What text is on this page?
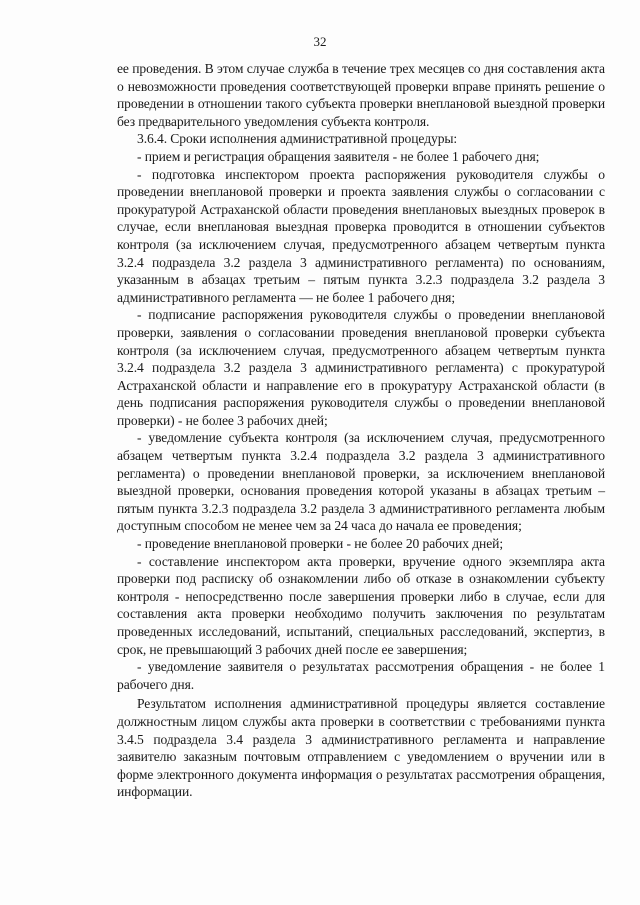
32

ее проведения. В этом случае служба в течение трех месяцев со дня составления акта о невозможности проведения соответствующей проверки вправе принять решение о проведении в отношении такого субъекта проверки внеплановой выездной проверки без предварительного уведомления субъекта контроля.

3.6.4. Сроки исполнения административной процедуры:

- прием и регистрация обращения заявителя - не более 1 рабочего дня;

- подготовка инспектором проекта распоряжения руководителя службы о проведении внеплановой проверки и проекта заявления службы о согласовании с прокуратурой Астраханской области проведения внеплановых выездных проверок в случае, если внеплановая выездная проверка проводится в отношении субъектов контроля (за исключением случая, предусмотренного абзацем четвертым пункта 3.2.4 подраздела 3.2 раздела 3 административного регламента) по основаниям, указанным в абзацах третьим – пятым пункта 3.2.3 подраздела 3.2 раздела 3 административного регламента — не более 1 рабочего дня;

- подписание распоряжения руководителя службы о проведении внеплановой проверки, заявления о согласовании проведения внеплановой проверки субъекта контроля (за исключением случая, предусмотренного абзацем четвертым пункта 3.2.4 подраздела 3.2 раздела 3 административного регламента) с прокуратурой Астраханской области и направление его в прокуратуру Астраханской области (в день подписания распоряжения руководителя службы о проведении внеплановой проверки) - не более 3 рабочих дней;

- уведомление субъекта контроля (за исключением случая, предусмотренного абзацем четвертым пункта 3.2.4 подраздела 3.2 раздела 3 административного регламента) о проведении внеплановой проверки, за исключением внеплановой выездной проверки, основания проведения которой указаны в абзацах третьим – пятым пункта 3.2.3 подраздела 3.2 раздела 3 административного регламента любым доступным способом не менее чем за 24 часа до начала ее проведения;

- проведение внеплановой проверки - не более 20 рабочих дней;

- составление инспектором акта проверки, вручение одного экземпляра акта проверки под расписку об ознакомлении либо об отказе в ознакомлении субъекту контроля - непосредственно после завершения проверки либо в случае, если для составления акта проверки необходимо получить заключения по результатам проведенных исследований, испытаний, специальных расследований, экспертиз, в срок, не превышающий 3 рабочих дней после ее завершения;

- уведомление заявителя о результатах рассмотрения обращения - не более 1 рабочего дня.

Результатом исполнения административной процедуры является составление должностным лицом службы акта проверки в соответствии с требованиями пункта 3.4.5 подраздела 3.4 раздела 3 административного регламента и направление заявителю заказным почтовым отправлением с уведомлением о вручении или в форме электронного документа информация о результатах рассмотрения обращения, информации.
